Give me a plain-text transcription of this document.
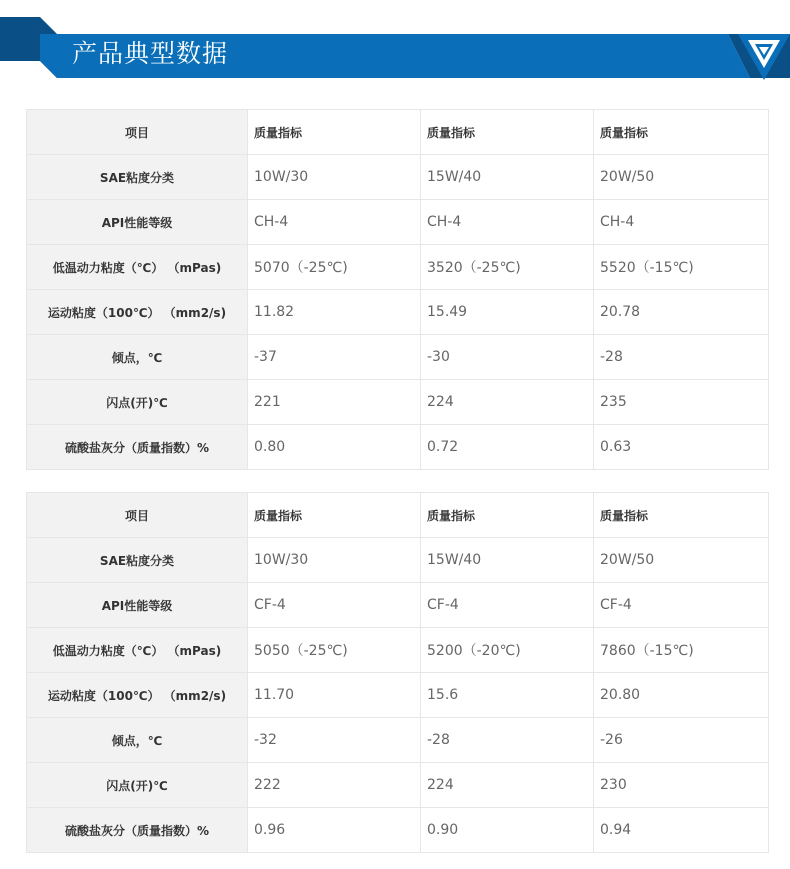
产品典型数据
项目	质量指标	质量指标	质量指标
SAE粘度分类	10W/30	15W/40	20W/50
API性能等级	CH-4	CH-4	CH-4
低温动力粘度（℃） （mPas)	5070（-25℃)	3520（-25℃)	5520（-15℃)
运动粘度（100℃） （mm2/s)	11.82	15.49	20.78
倾点，℃	-37	-30	-28
闪点(开)℃	221	224	235
硫酸盐灰分（质量指数）%	0.80	0.72	0.63
项目	质量指标	质量指标	质量指标
SAE粘度分类	10W/30	15W/40	20W/50
API性能等级	CF-4	CF-4	CF-4
低温动力粘度（℃） （mPas)	5050（-25℃)	5200（-20℃)	7860（-15℃)
运动粘度（100℃） （mm2/s)	11.70	15.6	20.80
倾点，℃	-32	-28	-26
闪点(开)℃	222	224	230
硫酸盐灰分（质量指数）%	0.96	0.90	0.94
